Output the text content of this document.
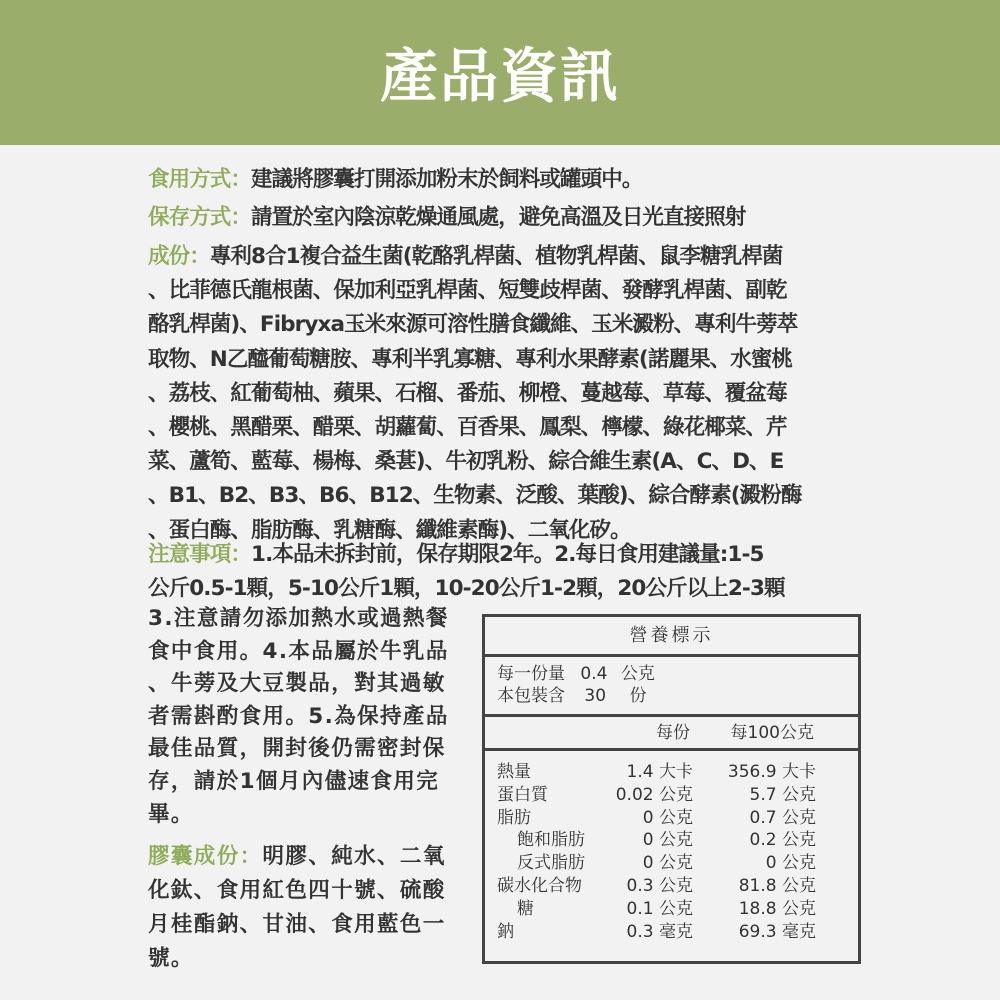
產品資訊
食用方式：建議將膠囊打開添加粉末於飼料或罐頭中。
保存方式：請置於室內陰涼乾燥通風處，避免高溫及日光直接照射
成份：專利8合1複合益生菌(乾酪乳桿菌、植物乳桿菌、鼠李糖乳桿菌
、比菲德氏龍根菌、保加利亞乳桿菌、短雙歧桿菌、發酵乳桿菌、副乾
酪乳桿菌)、Fibryxa玉米來源可溶性膳食纖維、玉米澱粉、專利牛蒡萃
取物、N乙醯葡萄糖胺、專利半乳寡糖、專利水果酵素(諾麗果、水蜜桃
、荔枝、紅葡萄柚、蘋果、石榴、番茄、柳橙、蔓越莓、草莓、覆盆莓
、櫻桃、黑醋栗、醋栗、胡蘿蔔、百香果、鳳梨、檸檬、綠花椰菜、芹
菜、蘆筍、藍莓、楊梅、桑葚)、牛初乳粉、綜合維生素(A、C、D、E
、B1、B2、B3、B6、B12、生物素、泛酸、葉酸)、綜合酵素(澱粉酶
、蛋白酶、脂肪酶、乳糖酶、纖維素酶)、二氧化矽。
注意事項：1.本品未拆封前，保存期限2年。2.每日食用建議量:1-5
公斤0.5-1顆，5-10公斤1顆，10-20公斤1-2顆，20公斤以上2-3顆
3.注意請勿添加熱水或過熱餐
食中食用。4.本品屬於牛乳品
、牛蒡及大豆製品，對其過敏
者需斟酌食用。5.為保持產品
最佳品質，開封後仍需密封保
存，請於1個月內儘速食用完
畢。
膠囊成份：明膠、純水、二氧
化鈦、食用紅色四十號、硫酸
月桂酯鈉、甘油、食用藍色一
號。
營養標示
每一份量 0.4 公克
本包裝含 30 份
每份 每100公克
熱量	1.4 大卡 356.9 大卡
蛋白質	0.02 公克	5.7 公克
脂肪	0 公克	0.7 公克
飽和脂肪	0 公克	0.2 公克
反式脂肪	0 公克	0 公克
碳水化合物	0.3 公克	81.8 公克
糖	0.1 公克	18.8 公克
鈉	0.3 毫克	69.3 毫克
